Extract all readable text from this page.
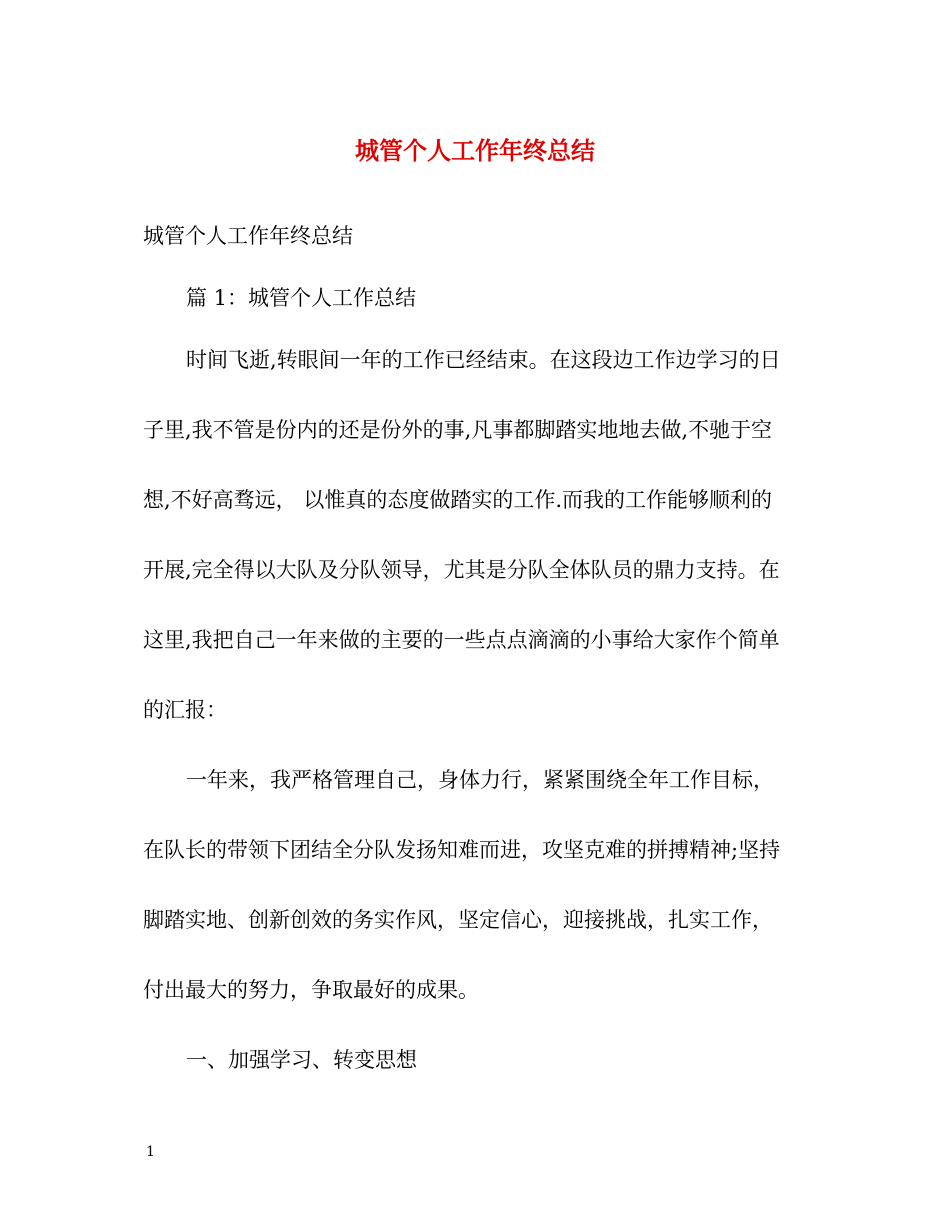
城管个人工作年终总结

城管个人工作年终总结

篇 1：城管个人工作总结

时间飞逝,转眼间一年的工作已经结束。在这段边工作边学习的日

子里,我不管是份内的还是份外的事,凡事都脚踏实地地去做,不驰于空

想,不好高骛远， 以惟真的态度做踏实的工作.而我的工作能够顺利的

开展,完全得以大队及分队领导，尤其是分队全体队员的鼎力支持。在

这里,我把自己一年来做的主要的一些点点滴滴的小事给大家作个简单

的汇报：

一年来，我严格管理自己，身体力行，紧紧围绕全年工作目标，

在队长的带领下团结全分队发扬知难而进，攻坚克难的拼搏精神;坚持

脚踏实地、创新创效的务实作风，坚定信心，迎接挑战，扎实工作，

付出最大的努力，争取最好的成果。

一、加强学习、转变思想

1
